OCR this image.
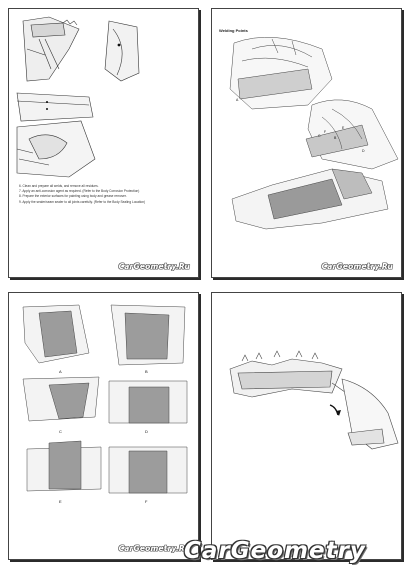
6. Clean and prepare all welds, and remove all residues.
7. Apply an anti-corrosion agent as required. (Refer to the Body Corrosion Protection)
8. Prepare the exterior surfaces for painting using body and grease remover.
9. Apply the sealer/seam sealer to all joints carefully. (Refer to the Body Sealing Location)
CarGeometry.Ru
Welding Points
A
C
F
E
B
D
CarGeometry.Ru
A	B
C	D
E	F
CarGeometry.Ru
CarGeometry
